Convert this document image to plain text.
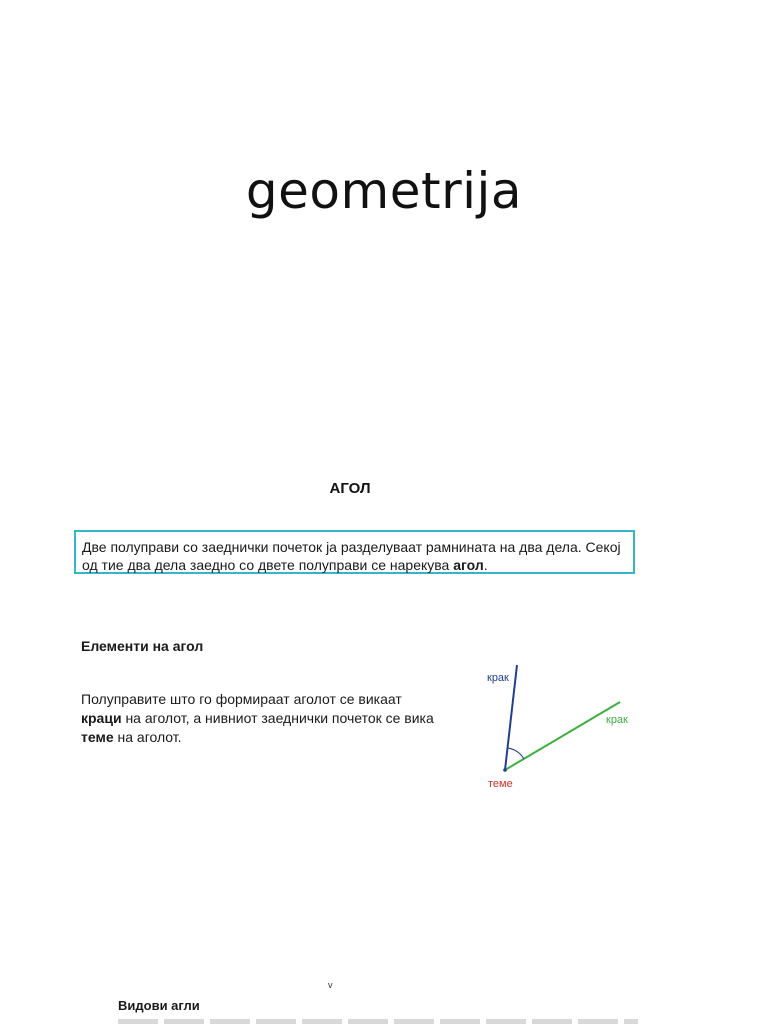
geometrija
АГОЛ
Две полуправи со заеднички почеток ја разделуваат рамнината на два дела. Секој од тие два дела заедно со двете полуправи се нарекува агол.
Елементи на агол
Полуправите што го формираат аголот се викаат краци на аголот, а нивниот заеднички почеток се вика теме на аголот.
крак
крак
теме
v
Видови агли
